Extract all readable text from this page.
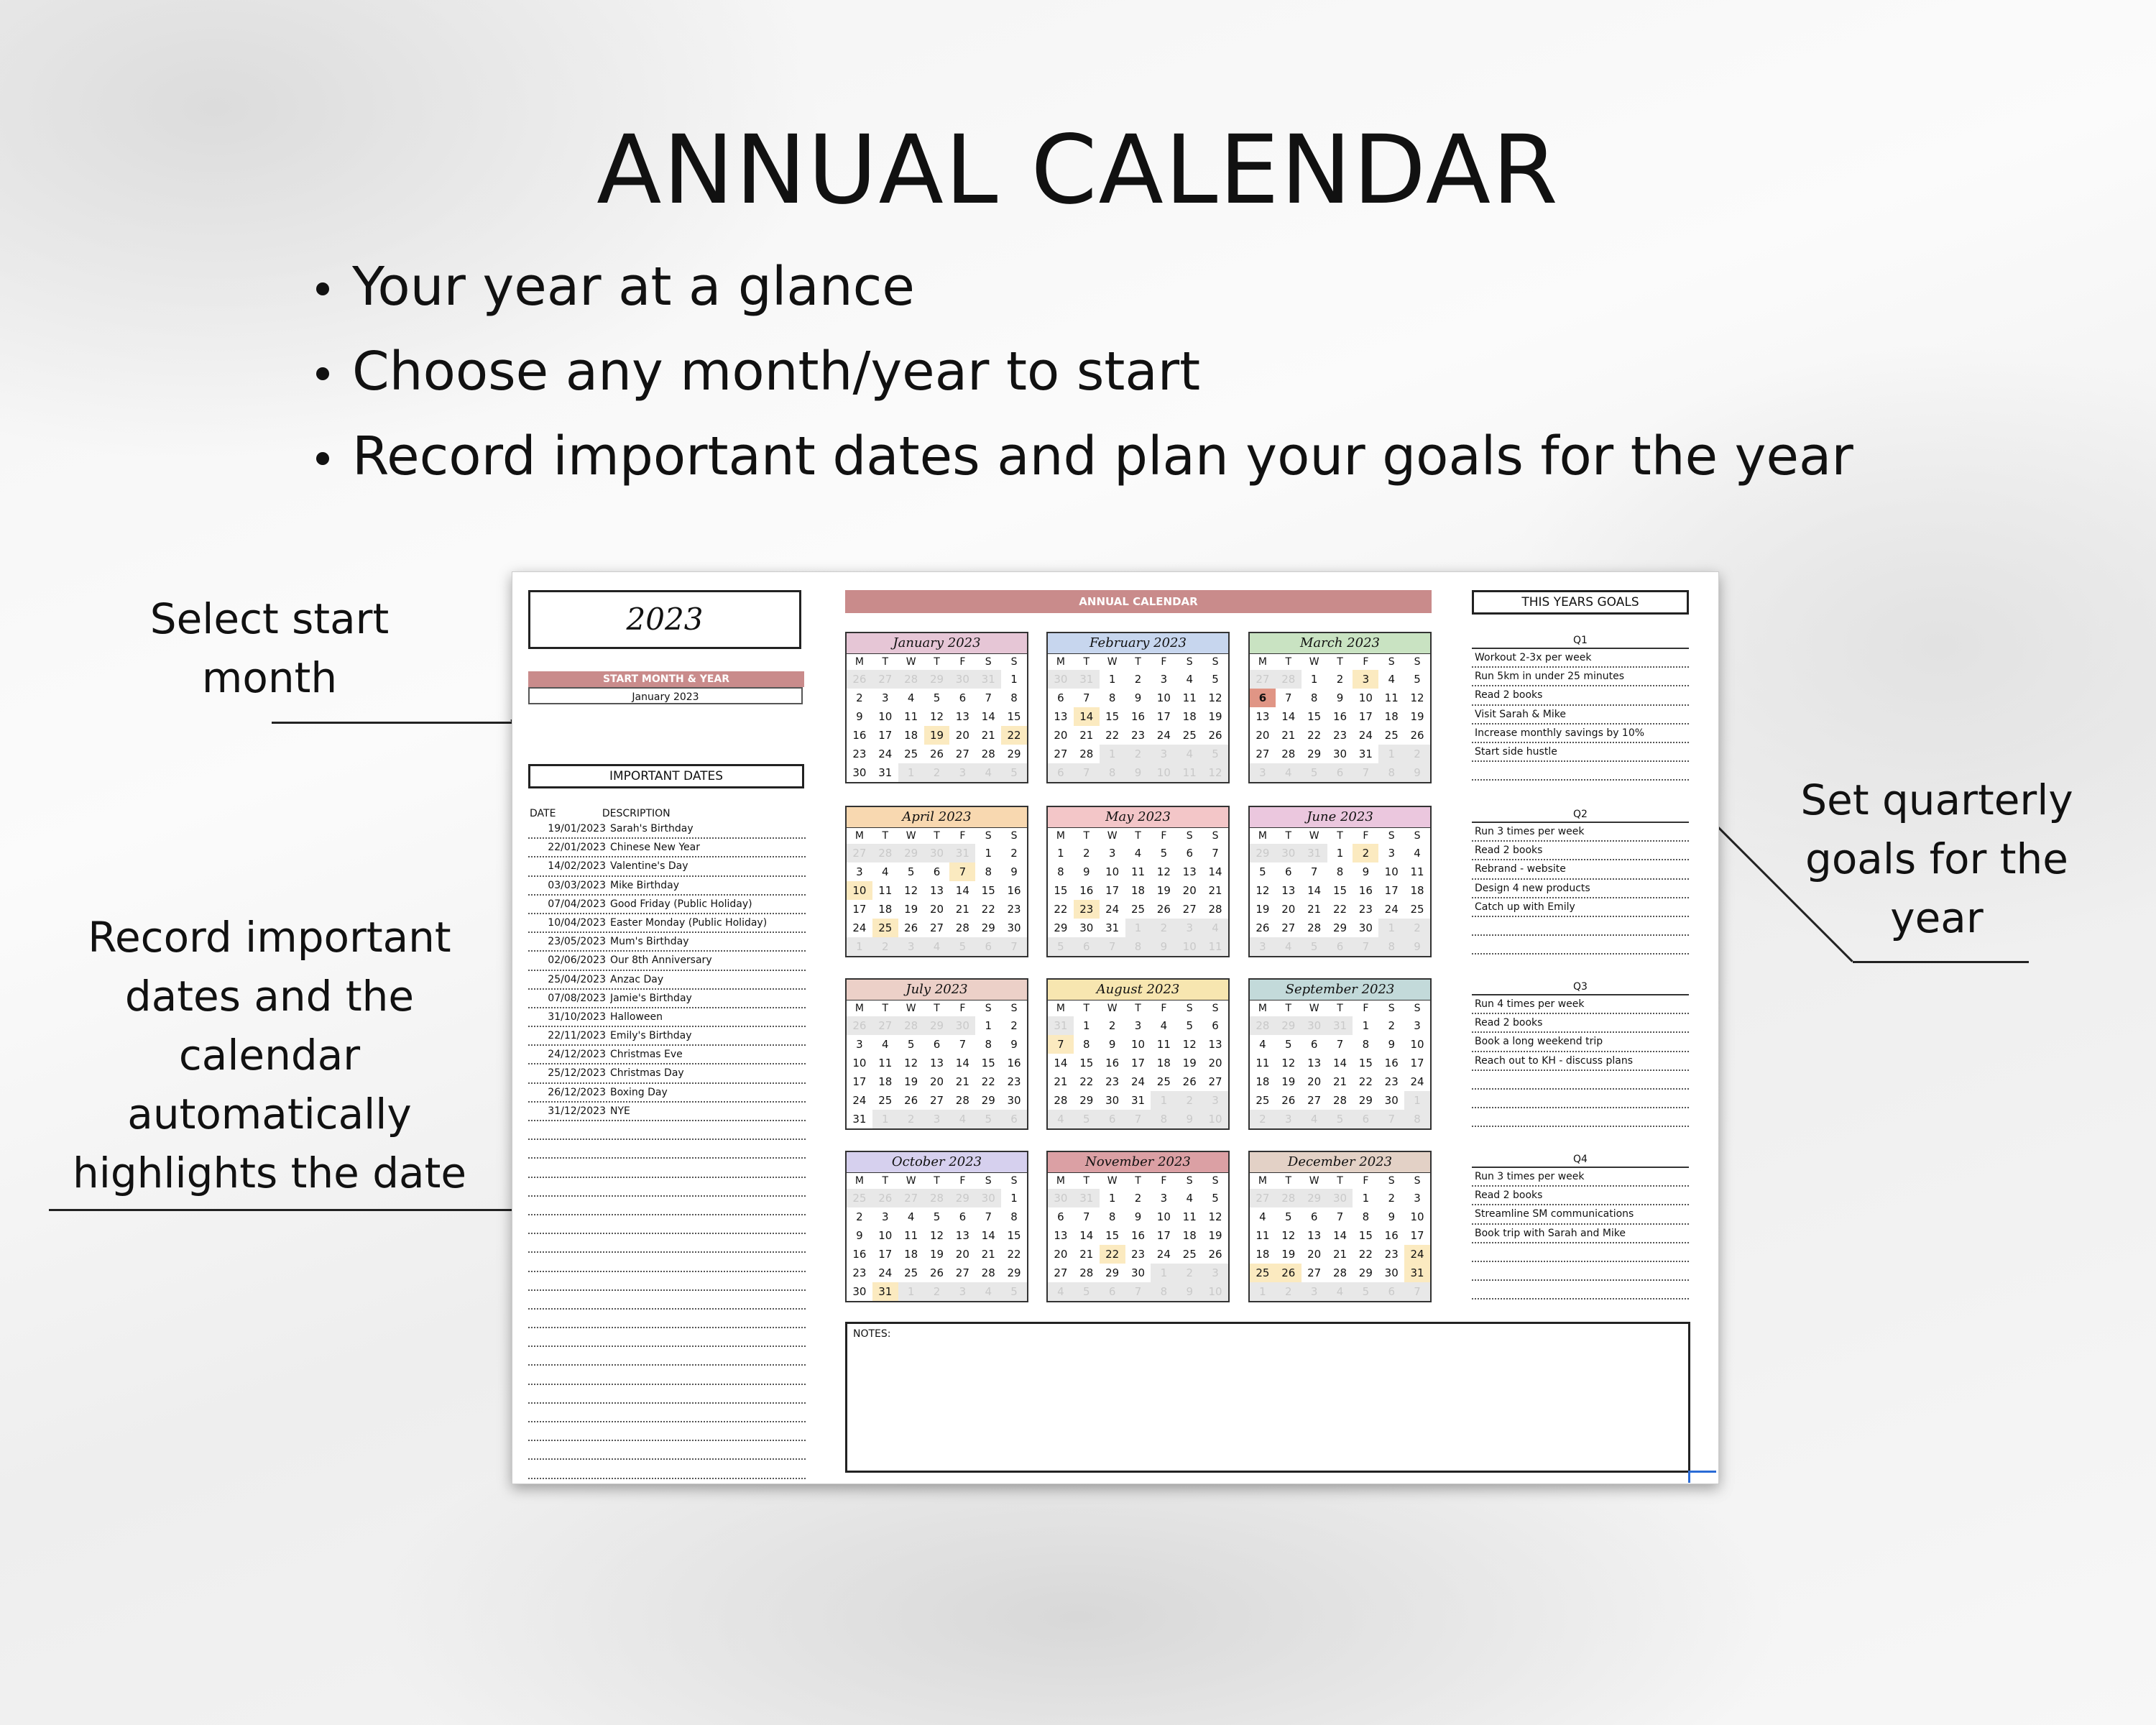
ANNUAL CALENDAR
Your year at a glance
Choose any month/year to start
Record important dates and plan your goals for the year
Select start
month
Record important
dates and the
calendar
automatically
highlights the date
Set quarterly
goals for the
year
2023
START MONTH & YEAR
January 2023
IMPORTANT DATES
DATE	DESCRIPTION
19/01/2023 Sarah's Birthday
22/01/2023 Chinese New Year
14/02/2023 Valentine's Day
03/03/2023 Mike Birthday
07/04/2023 Good Friday (Public Holiday)
10/04/2023 Easter Monday (Public Holiday)
23/05/2023 Mum's Birthday
02/06/2023 Our 8th Anniversary
25/04/2023 Anzac Day
07/08/2023 Jamie's Birthday
31/10/2023 Halloween
22/11/2023 Emily's Birthday
24/12/2023 Christmas Eve
25/12/2023 Christmas Day
26/12/2023 Boxing Day
31/12/2023 NYE
ANNUAL CALENDAR
January 2023
M	T	W	T	F	S	S
26	27	28	29	30	31	1
2	3	4	5	6	7	8
9	10	11	12	13	14	15
16	17	18	19	20	21	22
23	24	25	26	27	28	29
30	31	1	2	3	4	5
February 2023
M	T	W	T	F	S	S
30	31	1	2	3	4	5
6	7	8	9	10	11	12
13	14	15	16	17	18	19
20	21	22	23	24	25	26
27	28	1	2	3	4	5
6	7	8	9	10	11	12
March 2023
M	T	W	T	F	S	S
27	28	1	2	3	4	5
6	7	8	9	10	11	12
13	14	15	16	17	18	19
20	21	22	23	24	25	26
27	28	29	30	31	1	2
3	4	5	6	7	8	9
April 2023
M	T	W	T	F	S	S
27	28	29	30	31	1	2
3	4	5	6	7	8	9
10	11	12	13	14	15	16
17	18	19	20	21	22	23
24	25	26	27	28	29	30
1	2	3	4	5	6	7
May 2023
M	T	W	T	F	S	S
1	2	3	4	5	6	7
8	9	10	11	12	13	14
15	16	17	18	19	20	21
22	23	24	25	26	27	28
29	30	31	1	2	3	4
5	6	7	8	9	10	11
June 2023
M	T	W	T	F	S	S
29	30	31	1	2	3	4
5	6	7	8	9	10	11
12	13	14	15	16	17	18
19	20	21	22	23	24	25
26	27	28	29	30	1	2
3	4	5	6	7	8	9
July 2023
M	T	W	T	F	S	S
26	27	28	29	30	1	2
3	4	5	6	7	8	9
10	11	12	13	14	15	16
17	18	19	20	21	22	23
24	25	26	27	28	29	30
31	1	2	3	4	5	6
August 2023
M	T	W	T	F	S	S
31	1	2	3	4	5	6
7	8	9	10	11	12	13
14	15	16	17	18	19	20
21	22	23	24	25	26	27
28	29	30	31	1	2	3
4	5	6	7	8	9	10
September 2023
M	T	W	T	F	S	S
28	29	30	31	1	2	3
4	5	6	7	8	9	10
11	12	13	14	15	16	17
18	19	20	21	22	23	24
25	26	27	28	29	30	1
2	3	4	5	6	7	8
October 2023
M	T	W	T	F	S	S
25	26	27	28	29	30	1
2	3	4	5	6	7	8
9	10	11	12	13	14	15
16	17	18	19	20	21	22
23	24	25	26	27	28	29
30	31	1	2	3	4	5
November 2023
M	T	W	T	F	S	S
30	31	1	2	3	4	5
6	7	8	9	10	11	12
13	14	15	16	17	18	19
20	21	22	23	24	25	26
27	28	29	30	1	2	3
4	5	6	7	8	9	10
December 2023
M	T	W	T	F	S	S
27	28	29	30	1	2	3
4	5	6	7	8	9	10
11	12	13	14	15	16	17
18	19	20	21	22	23	24
25	26	27	28	29	30	31
1	2	3	4	5	6	7
THIS YEARS GOALS
Q1
Workout 2-3x per week
Run 5km in under 25 minutes
Read 2 books
Visit Sarah & Mike
Increase monthly savings by 10%
Start side hustle
Q2
Run 3 times per week
Read 2 books
Rebrand - website
Design 4 new products
Catch up with Emily
Q3
Run 4 times per week
Read 2 books
Book a long weekend trip
Reach out to KH - discuss plans
Q4
Run 3 times per week
Read 2 books
Streamline SM communications
Book trip with Sarah and Mike
NOTES:
